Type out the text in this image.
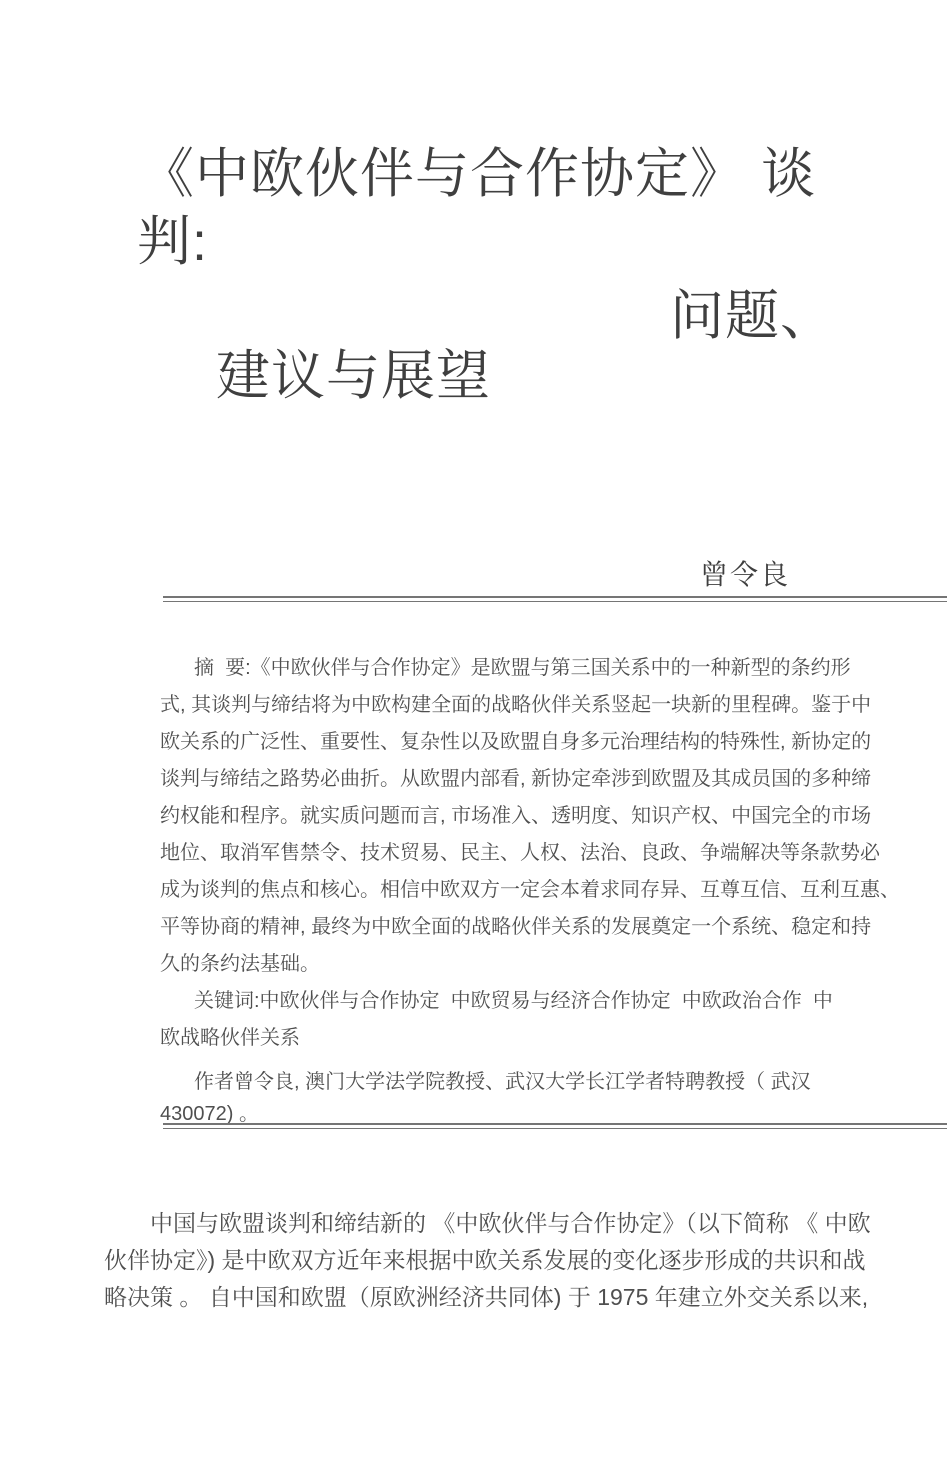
《中欧伙伴与合作协定》 谈
判:
问题、
建议与展望
曾令良
摘  要:《中欧伙伴与合作协定》是欧盟与第三国关系中的一种新型的条约形
式, 其谈判与缔结将为中欧构建全面的战略伙伴关系竖起一块新的里程碑。鉴于中
欧关系的广泛性、重要性、复杂性以及欧盟自身多元治理结构的特殊性, 新协定的
谈判与缔结之路势必曲折。从欧盟内部看, 新协定牵涉到欧盟及其成员国的多种缔
约权能和程序。就实质问题而言, 市场准入、透明度、知识产权、中国完全的市场
地位、取消军售禁令、技术贸易、民主、人权、法治、良政、争端解决等条款势必
成为谈判的焦点和核心。相信中欧双方一定会本着求同存异、互尊互信、互利互惠、
平等协商的精神, 最终为中欧全面的战略伙伴关系的发展奠定一个系统、稳定和持
久的条约法基础。
关键词:中欧伙伴与合作协定  中欧贸易与经济合作协定  中欧政治合作  中
欧战略伙伴关系
作者曾令良, 澳门大学法学院教授、武汉大学长江学者特聘教授（ 武汉
430072) 。
中国与欧盟谈判和缔结新的 《中欧伙伴与合作协定》（以下简称 《 中欧
伙伴协定》) 是中欧双方近年来根据中欧关系发展的变化逐步形成的共识和战
略决策 。 自中国和欧盟（原欧洲经济共同体) 于 1975 年建立外交关系以来,
